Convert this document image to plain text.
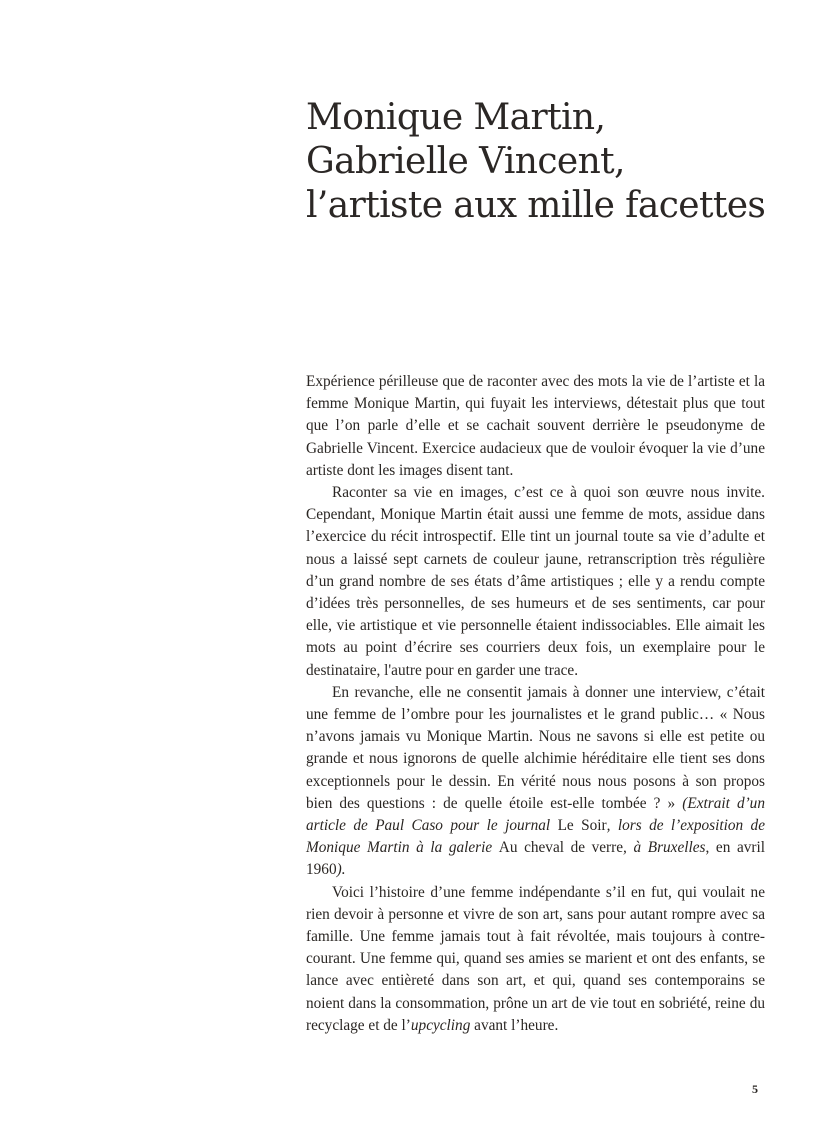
Monique Martin,
Gabrielle Vincent,
l’artiste aux mille facettes

Expérience périlleuse que de raconter avec des mots la vie de l’artiste et la femme Monique Martin, qui fuyait les interviews, détestait plus que tout que l’on parle d’elle et se cachait souvent derrière le pseudonyme de Gabrielle Vincent. Exercice audacieux que de vouloir évoquer la vie d’une artiste dont les images disent tant.

Raconter sa vie en images, c’est ce à quoi son œuvre nous invite. Cependant, Monique Martin était aussi une femme de mots, assidue dans l’exercice du récit introspectif. Elle tint un journal toute sa vie d’adulte et nous a laissé sept carnets de couleur jaune, retranscription très régulière d’un grand nombre de ses états d’âme artistiques ; elle y a rendu compte d’idées très personnelles, de ses humeurs et de ses sentiments, car pour elle, vie artistique et vie personnelle étaient indissociables. Elle aimait les mots au point d’écrire ses courriers deux fois, un exemplaire pour le destinataire, l'autre pour en garder une trace.

En revanche, elle ne consentit jamais à donner une interview, c’était une femme de l’ombre pour les journalistes et le grand public… « Nous n’avons jamais vu Monique Martin. Nous ne savons si elle est petite ou grande et nous ignorons de quelle alchimie héréditaire elle tient ses dons exceptionnels pour le dessin. En vérité nous nous posons à son propos bien des questions : de quelle étoile est-elle tombée ? » (Extrait d’un article de Paul Caso pour le journal Le Soir, lors de l’exposition de Monique Martin à la galerie Au cheval de verre, à Bruxelles, en avril 1960).

Voici l’histoire d’une femme indépendante s’il en fut, qui voulait ne rien devoir à personne et vivre de son art, sans pour autant rompre avec sa famille. Une femme jamais tout à fait révoltée, mais toujours à contre-courant. Une femme qui, quand ses amies se marient et ont des enfants, se lance avec entièreté dans son art, et qui, quand ses contemporains se noient dans la consommation, prône un art de vie tout en sobriété, reine du recyclage et de l’upcycling avant l’heure.

5
